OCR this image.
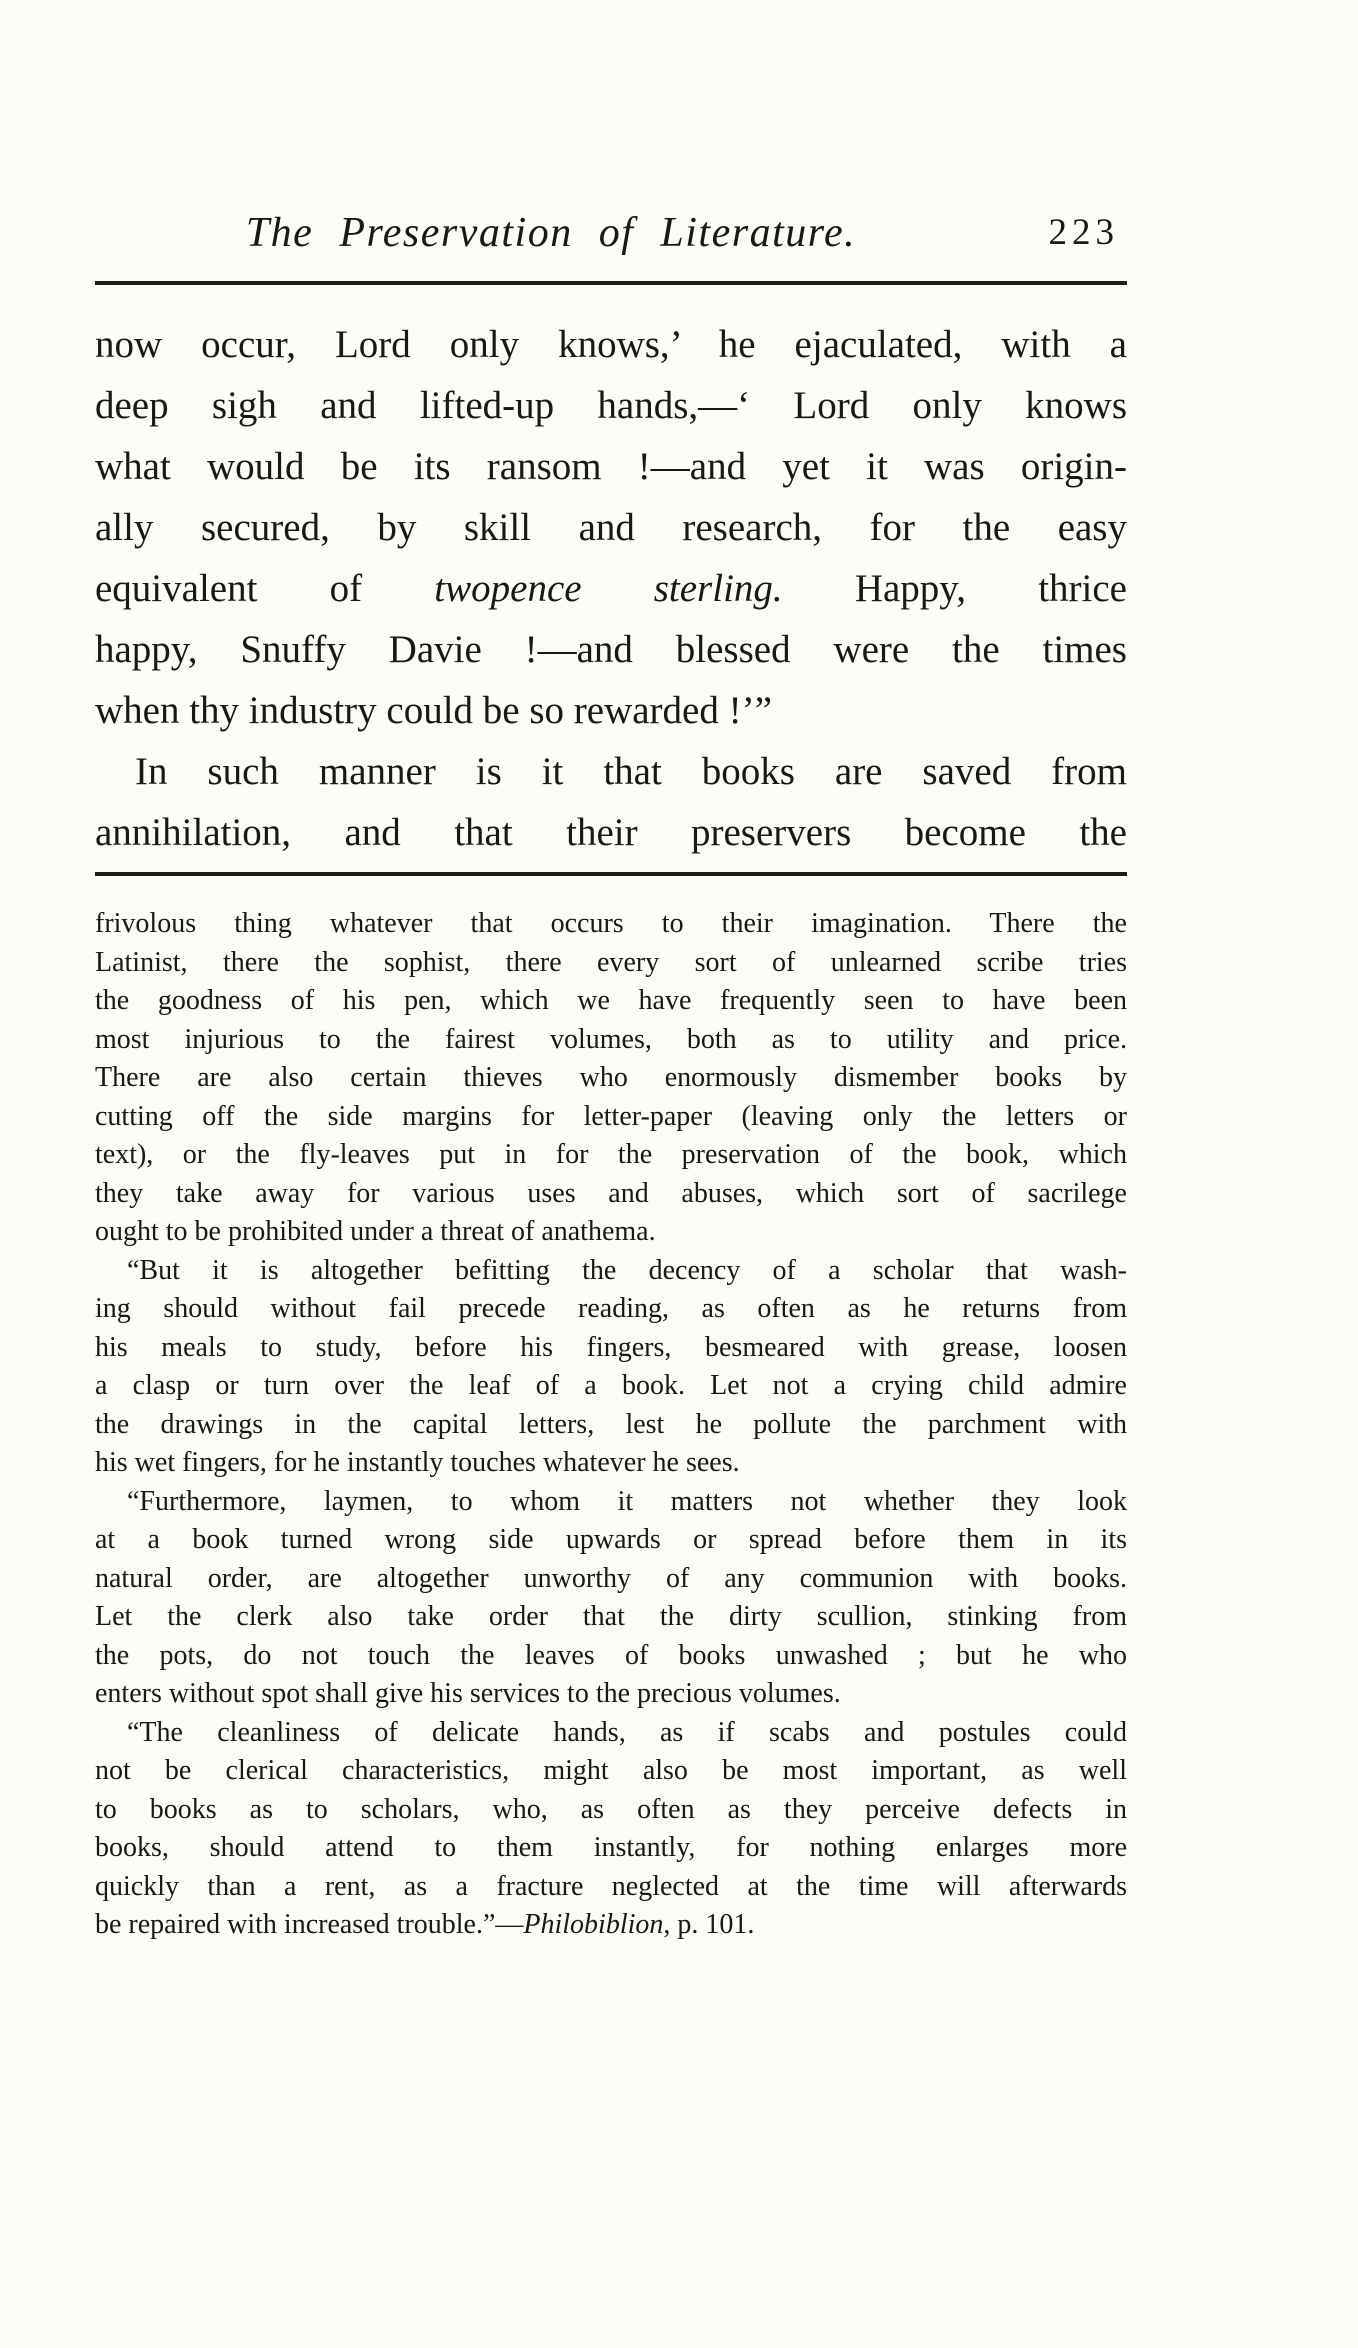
The Preservation of Literature.	223
now occur, Lord only knows,’ he ejaculated, with a
deep sigh and lifted-up hands,—‘ Lord only knows
what would be its ransom !—and yet it was origin-
ally secured, by skill and research, for the easy
equivalent of twopence sterling. Happy, thrice
happy, Snuffy Davie !—and blessed were the times
when thy industry could be so rewarded !’”
In such manner is it that books are saved from
annihilation, and that their preservers become the
frivolous thing whatever that occurs to their imagination. There the
Latinist, there the sophist, there every sort of unlearned scribe tries
the goodness of his pen, which we have frequently seen to have been
most injurious to the fairest volumes, both as to utility and price.
There are also certain thieves who enormously dismember books by
cutting off the side margins for letter-paper (leaving only the letters or
text), or the fly-leaves put in for the preservation of the book, which
they take away for various uses and abuses, which sort of sacrilege
ought to be prohibited under a threat of anathema.
“But it is altogether befitting the decency of a scholar that wash-
ing should without fail precede reading, as often as he returns from
his meals to study, before his fingers, besmeared with grease, loosen
a clasp or turn over the leaf of a book. Let not a crying child admire
the drawings in the capital letters, lest he pollute the parchment with
his wet fingers, for he instantly touches whatever he sees.
“Furthermore, laymen, to whom it matters not whether they look
at a book turned wrong side upwards or spread before them in its
natural order, are altogether unworthy of any communion with books.
Let the clerk also take order that the dirty scullion, stinking from
the pots, do not touch the leaves of books unwashed ; but he who
enters without spot shall give his services to the precious volumes.
“The cleanliness of delicate hands, as if scabs and postules could
not be clerical characteristics, might also be most important, as well
to books as to scholars, who, as often as they perceive defects in
books, should attend to them instantly, for nothing enlarges more
quickly than a rent, as a fracture neglected at the time will afterwards
be repaired with increased trouble.”—Philobiblion, p. 101.
